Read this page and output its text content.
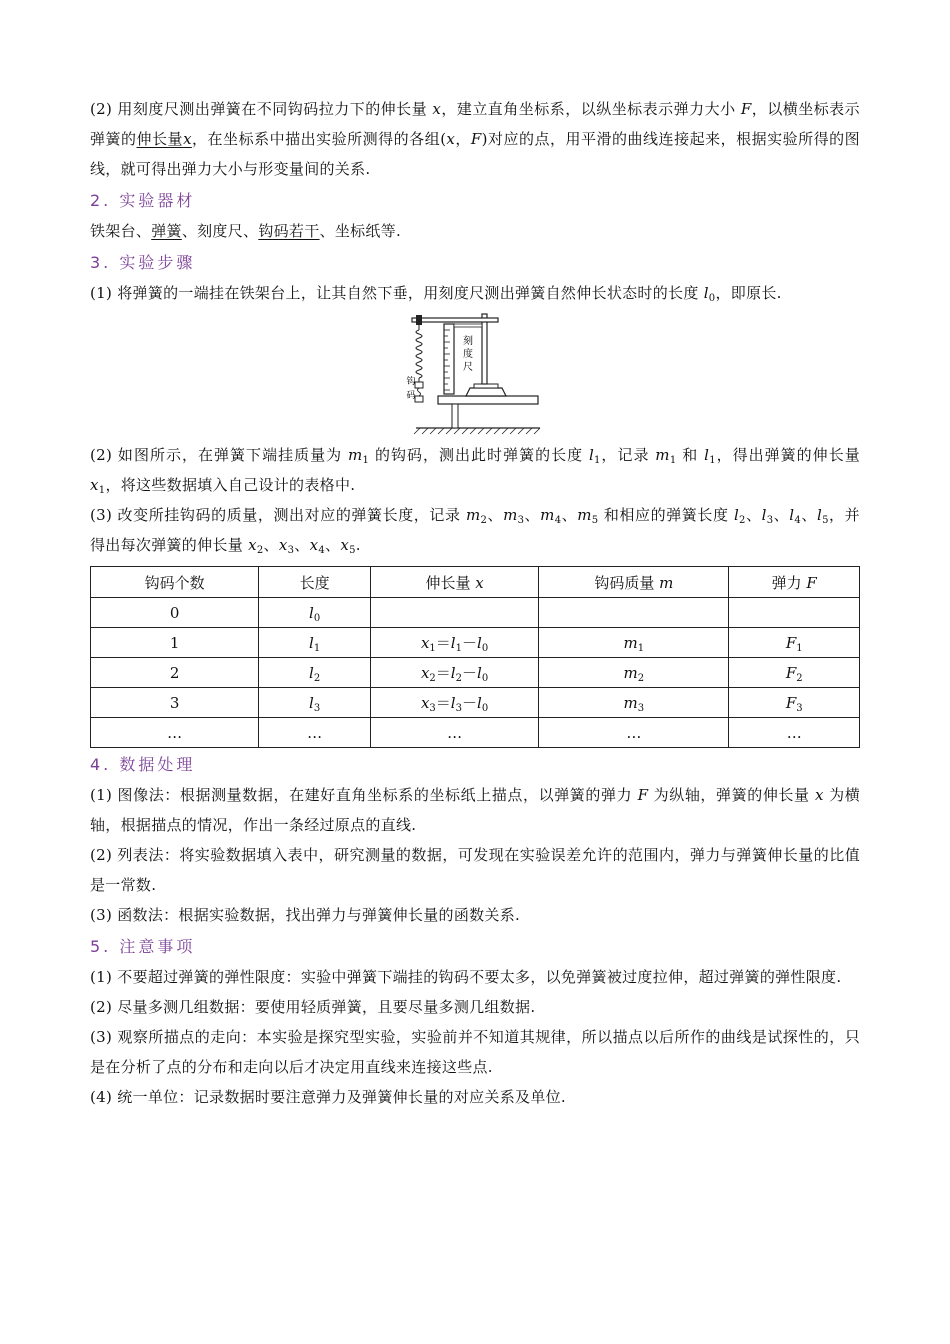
(2) 用刻度尺测出弹簧在不同钩码拉力下的伸长量 x，建立直角坐标系，以纵坐标表示弹力大小 F，以横坐标表示弹簧的伸长量x，在坐标系中描出实验所测得的各组(x，F)对应的点，用平滑的曲线连接起来，根据实验所得的图线，就可得出弹力大小与形变量间的关系.

2. 实验器材

铁架台、弹簧、刻度尺、钩码若干、坐标纸等.

3. 实验步骤

(1) 将弹簧的一端挂在铁架台上，让其自然下垂，用刻度尺测出弹簧自然伸长状态时的长度 $l_0$，即原长.

刻
度
尺
钩
码

(2) 如图所示，在弹簧下端挂质量为 $m_1$ 的钩码，测出此时弹簧的长度 $l_1$，记录 $m_1$ 和 $l_1$，得出弹簧的伸长量 $x_1$，将这些数据填入自己设计的表格中.

(3) 改变所挂钩码的质量，测出对应的弹簧长度，记录 $m_2$、$m_3$、$m_4$、$m_5$ 和相应的弹簧长度 $l_2$、$l_3$、$l_4$、$l_5$，并得出每次弹簧的伸长量 $x_2$、$x_3$、$x_4$、$x_5$.

钩码个数	长度	伸长量 x	钩码质量 m	弹力 F
0	$l_0$			
1	$l_1$	$x_1=l_1-l_0$	$m_1$	$F_1$
2	$l_2$	$x_2=l_2-l_0$	$m_2$	$F_2$
3	$l_3$	$x_3=l_3-l_0$	$m_3$	$F_3$
…	…	…	…	…
4. 数据处理

(1) 图像法：根据测量数据，在建好直角坐标系的坐标纸上描点，以弹簧的弹力 F 为纵轴，弹簧的伸长量 x 为横轴，根据描点的情况，作出一条经过原点的直线.

(2) 列表法：将实验数据填入表中，研究测量的数据，可发现在实验误差允许的范围内，弹力与弹簧伸长量的比值是一常数.

(3) 函数法：根据实验数据，找出弹力与弹簧伸长量的函数关系.

5. 注意事项

(1) 不要超过弹簧的弹性限度：实验中弹簧下端挂的钩码不要太多，以免弹簧被过度拉伸，超过弹簧的弹性限度.

(2) 尽量多测几组数据：要使用轻质弹簧，且要尽量多测几组数据.

(3) 观察所描点的走向：本实验是探究型实验，实验前并不知道其规律，所以描点以后所作的曲线是试探性的，只是在分析了点的分布和走向以后才决定用直线来连接这些点.

(4) 统一单位：记录数据时要注意弹力及弹簧伸长量的对应关系及单位.
